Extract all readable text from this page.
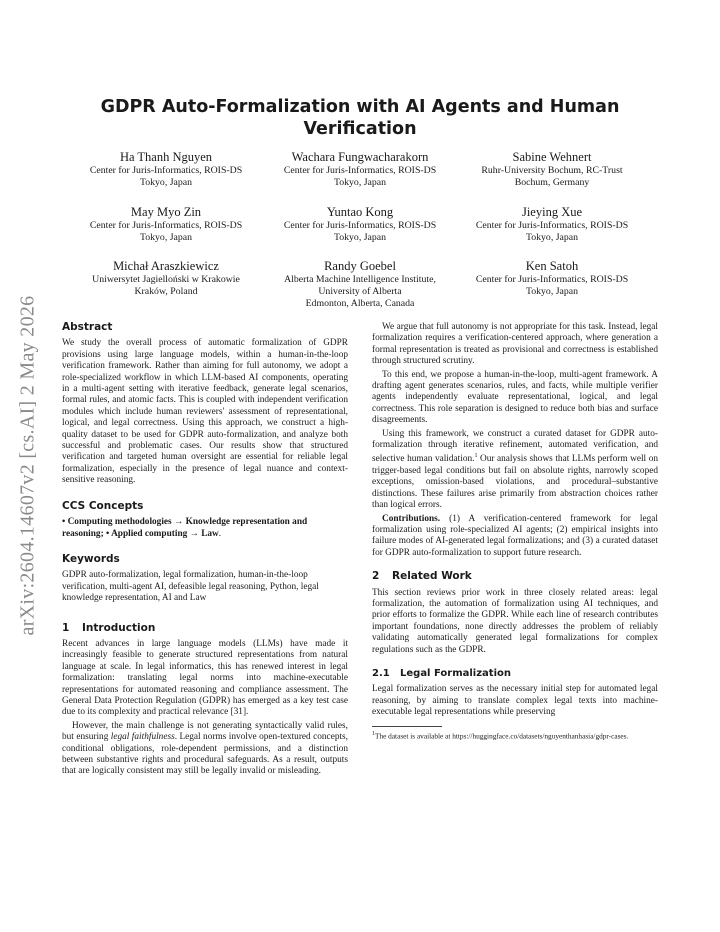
arXiv:2604.14607v2 [cs.AI] 2 May 2026
GDPR Auto-Formalization with AI Agents and Human Verification
Ha Thanh Nguyen
Center for Juris-Informatics, ROIS-DS
Tokyo, Japan
Wachara Fungwacharakorn
Center for Juris-Informatics, ROIS-DS
Tokyo, Japan
Sabine Wehnert
Ruhr-University Bochum, RC-Trust
Bochum, Germany
May Myo Zin
Center for Juris-Informatics, ROIS-DS
Tokyo, Japan
Yuntao Kong
Center for Juris-Informatics, ROIS-DS
Tokyo, Japan
Jieying Xue
Center for Juris-Informatics, ROIS-DS
Tokyo, Japan
Michał Araszkiewicz
Uniwersytet Jagielloński w Krakowie
Kraków, Poland
Randy Goebel
Alberta Machine Intelligence Institute,
University of Alberta
Edmonton, Alberta, Canada
Ken Satoh
Center for Juris-Informatics, ROIS-DS
Tokyo, Japan
Abstract

We study the overall process of automatic formalization of GDPR provisions using large language models, within a human-in-the-loop verification framework. Rather than aiming for full autonomy, we adopt a role-specialized workflow in which LLM-based AI components, operating in a multi-agent setting with iterative feedback, generate legal scenarios, formal rules, and atomic facts. This is coupled with independent verification modules which include human reviewers' assessment of representational, logical, and legal correctness. Using this approach, we construct a high-quality dataset to be used for GDPR auto-formalization, and analyze both successful and problematic cases. Our results show that structured verification and targeted human oversight are essential for reliable legal formalization, especially in the presence of legal nuance and context-sensitive reasoning.

CCS Concepts

• Computing methodologies → Knowledge representation and reasoning; • Applied computing → Law.

Keywords

GDPR auto-formalization, legal formalization, human-in-the-loop verification, multi-agent AI, defeasible legal reasoning, Python, legal knowledge representation, AI and Law

1 Introduction

Recent advances in large language models (LLMs) have made it increasingly feasible to generate structured representations from natural language at scale. In legal informatics, this has renewed interest in legal formalization: translating legal norms into machine-executable representations for automated reasoning and compliance assessment. The General Data Protection Regulation (GDPR) has emerged as a key test case due to its complexity and practical relevance [31].

However, the main challenge is not generating syntactically valid rules, but ensuring legal faithfulness. Legal norms involve open-textured concepts, conditional obligations, role-dependent permissions, and a distinction between substantive rights and procedural safeguards. As a result, outputs that are logically consistent may still be legally invalid or misleading.

We argue that full autonomy is not appropriate for this task. Instead, legal formalization requires a verification-centered approach, where generation a formal representation is treated as provisional and correctness is established through structured scrutiny.

To this end, we propose a human-in-the-loop, multi-agent framework. A drafting agent generates scenarios, rules, and facts, while multiple verifier agents independently evaluate representational, logical, and legal correctness. This role separation is designed to reduce both bias and surface disagreements.

Using this framework, we construct a curated dataset for GDPR auto-formalization through iterative refinement, automated verification, and selective human validation.$^1$ Our analysis shows that LLMs perform well on trigger-based legal conditions but fail on absolute rights, narrowly scoped exceptions, omission-based violations, and procedural–substantive distinctions. These failures arise primarily from abstraction choices rather than logical errors.

Contributions. (1) A verification-centered framework for legal formalization using role-specialized AI agents; (2) empirical insights into failure modes of AI-generated legal formalizations; and (3) a curated dataset for GDPR auto-formalization to support future research.

2 Related Work

This section reviews prior work in three closely related areas: legal formalization, the automation of formalization using AI techniques, and prior efforts to formalize the GDPR. While each line of research contributes important foundations, none directly addresses the problem of reliably validating automatically generated legal formalizations for complex regulations such as the GDPR.

2.1 Legal Formalization

Legal formalization serves as the necessary initial step for automated legal reasoning, by aiming to translate complex legal texts into machine-executable legal representations while preserving

$^1$The dataset is available at https://huggingface.co/datasets/nguyenthanhasia/gdpr-cases.
